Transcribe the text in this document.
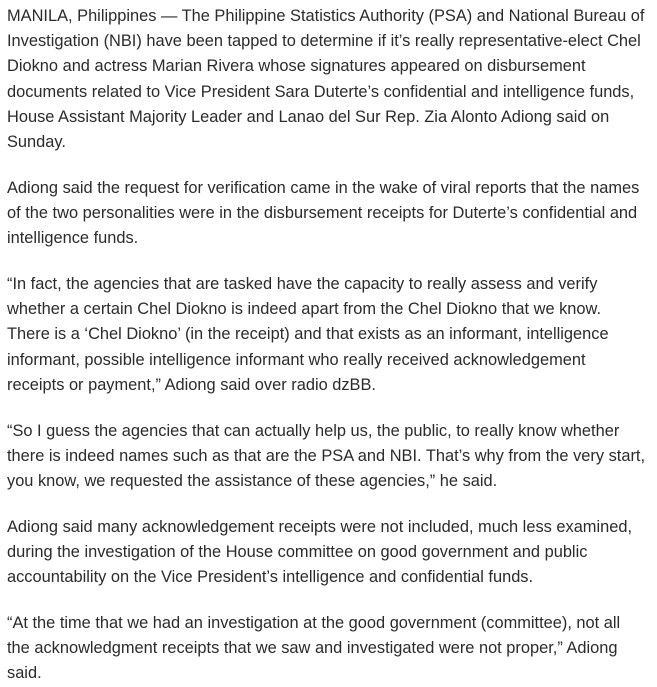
MANILA, Philippines — The Philippine Statistics Authority (PSA) and National Bureau of Investigation (NBI) have been tapped to determine if it’s really representative-elect Chel Diokno and actress Marian Rivera whose signatures appeared on disbursement documents related to Vice President Sara Duterte’s confidential and intelligence funds, House Assistant Majority Leader and Lanao del Sur Rep. Zia Alonto Adiong said on Sunday.

Adiong said the request for verification came in the wake of viral reports that the names of the two personalities were in the disbursement receipts for Duterte’s confidential and intelligence funds.

“In fact, the agencies that are tasked have the capacity to really assess and verify whether a certain Chel Diokno is indeed apart from the Chel Diokno that we know. There is a ‘Chel Diokno’ (in the receipt) and that exists as an informant, intelligence informant, possible intelligence informant who really received acknowledgement receipts or payment,” Adiong said over radio dzBB.

“So I guess the agencies that can actually help us, the public, to really know whether there is indeed names such as that are the PSA and NBI. That’s why from the very start, you know, we requested the assistance of these agencies,” he said.

Adiong said many acknowledgement receipts were not included, much less examined, during the investigation of the House committee on good government and public accountability on the Vice President’s intelligence and confidential funds.

“At the time that we had an investigation at the good government (committee), not all the acknowledgment receipts that we saw and investigated were not proper,” Adiong said.
